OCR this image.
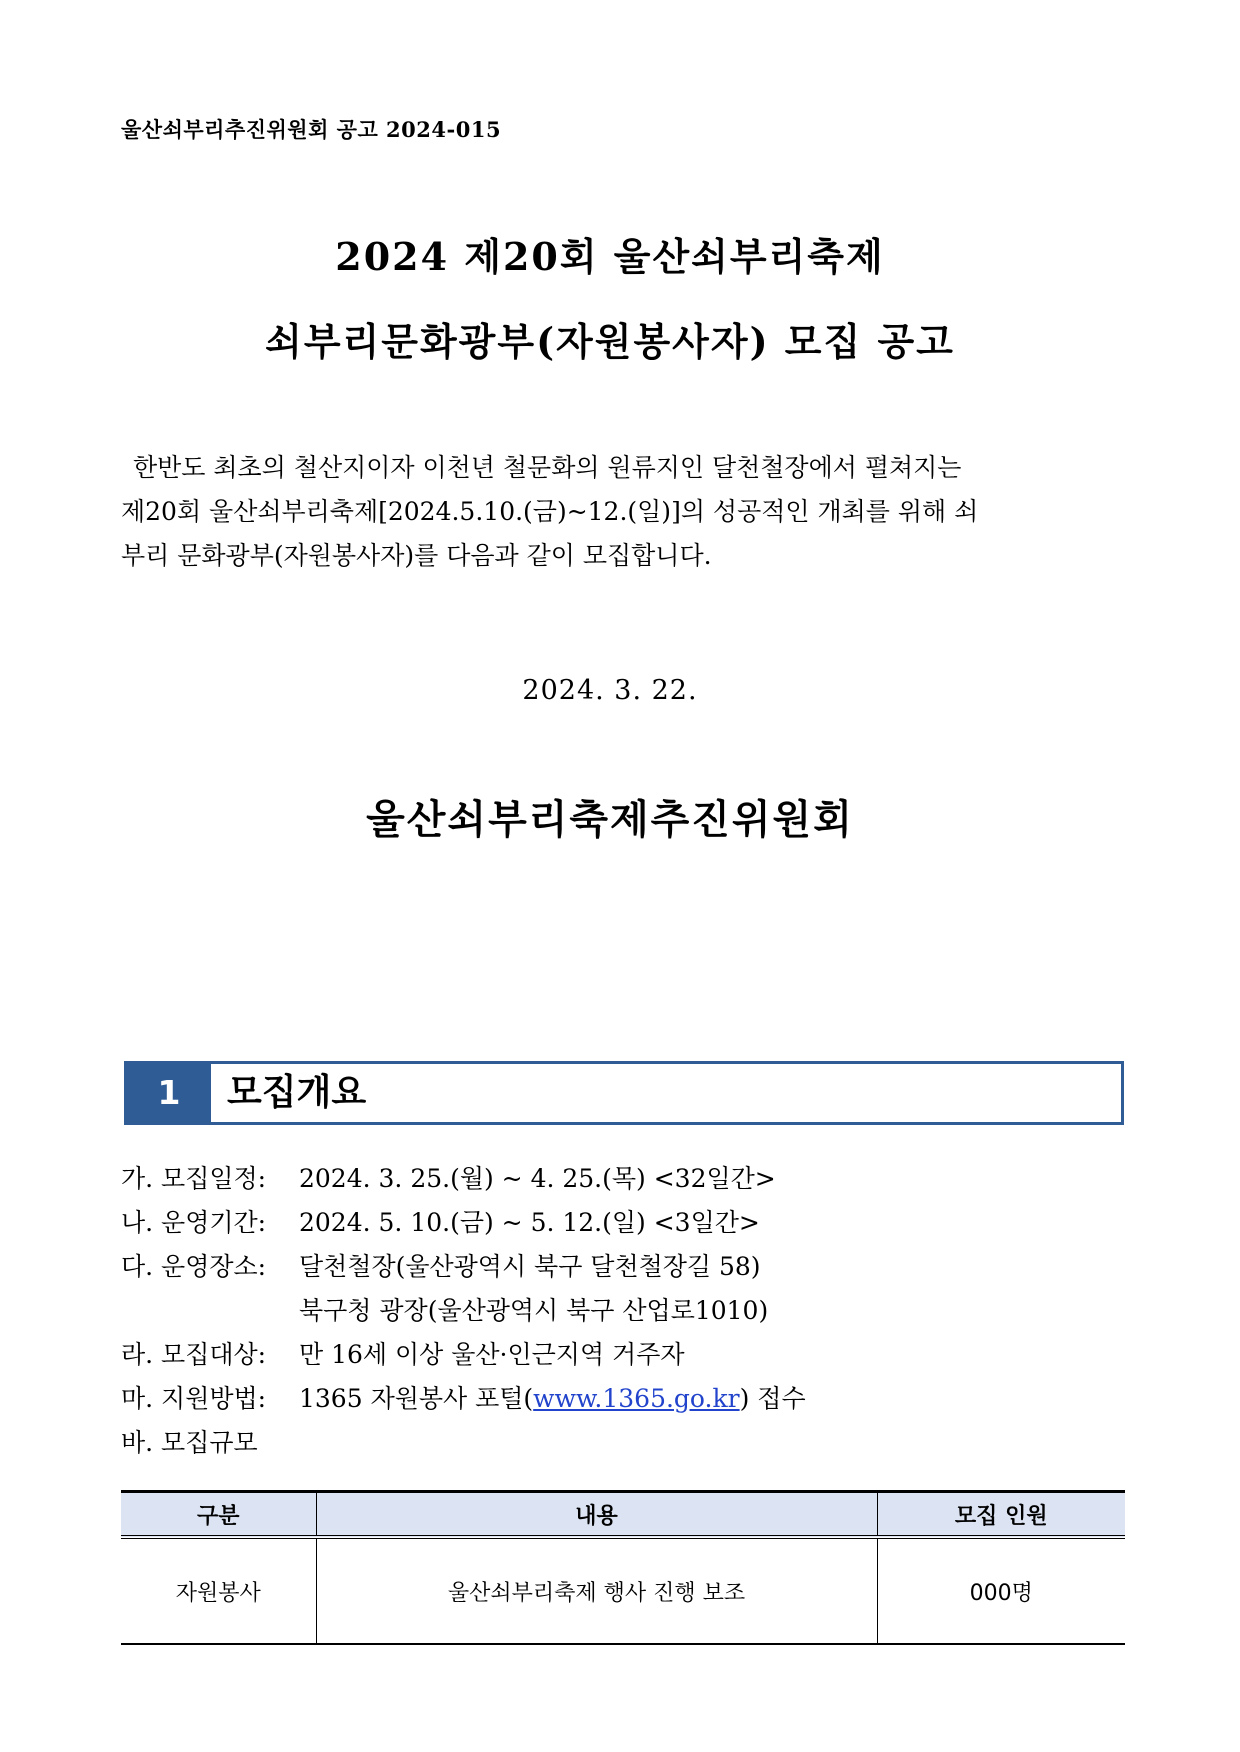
울산쇠부리추진위원회 공고 2024-015
2024 제20회 울산쇠부리축제
쇠부리문화광부(자원봉사자) 모집 공고

한반도 최초의 철산지이자 이천년 철문화의 원류지인 달천철장에서 펼쳐지는

제20회 울산쇠부리축제[2024.5.10.(금)~12.(일)]의 성공적인 개최를 위해 쇠

부리 문화광부(자원봉사자)를 다음과 같이 모집합니다.

2024. 3. 22.
울산쇠부리축제추진위원회
1	모집개요
가. 모집일정: 2024. 3. 25.(월) ~ 4. 25.(목) <32일간>
나. 운영기간: 2024. 5. 10.(금) ~ 5. 12.(일) <3일간>
다. 운영장소: 달천철장(울산광역시 북구 달천철장길 58)
북구청 광장(울산광역시 북구 산업로1010)
라. 모집대상: 만 16세 이상 울산·인근지역 거주자
마. 지원방법: 1365 자원봉사 포털(www.1365.go.kr) 접수
바. 모집규모
구분	내용	모집 인원
자원봉사	울산쇠부리축제 행사 진행 보조	000명
